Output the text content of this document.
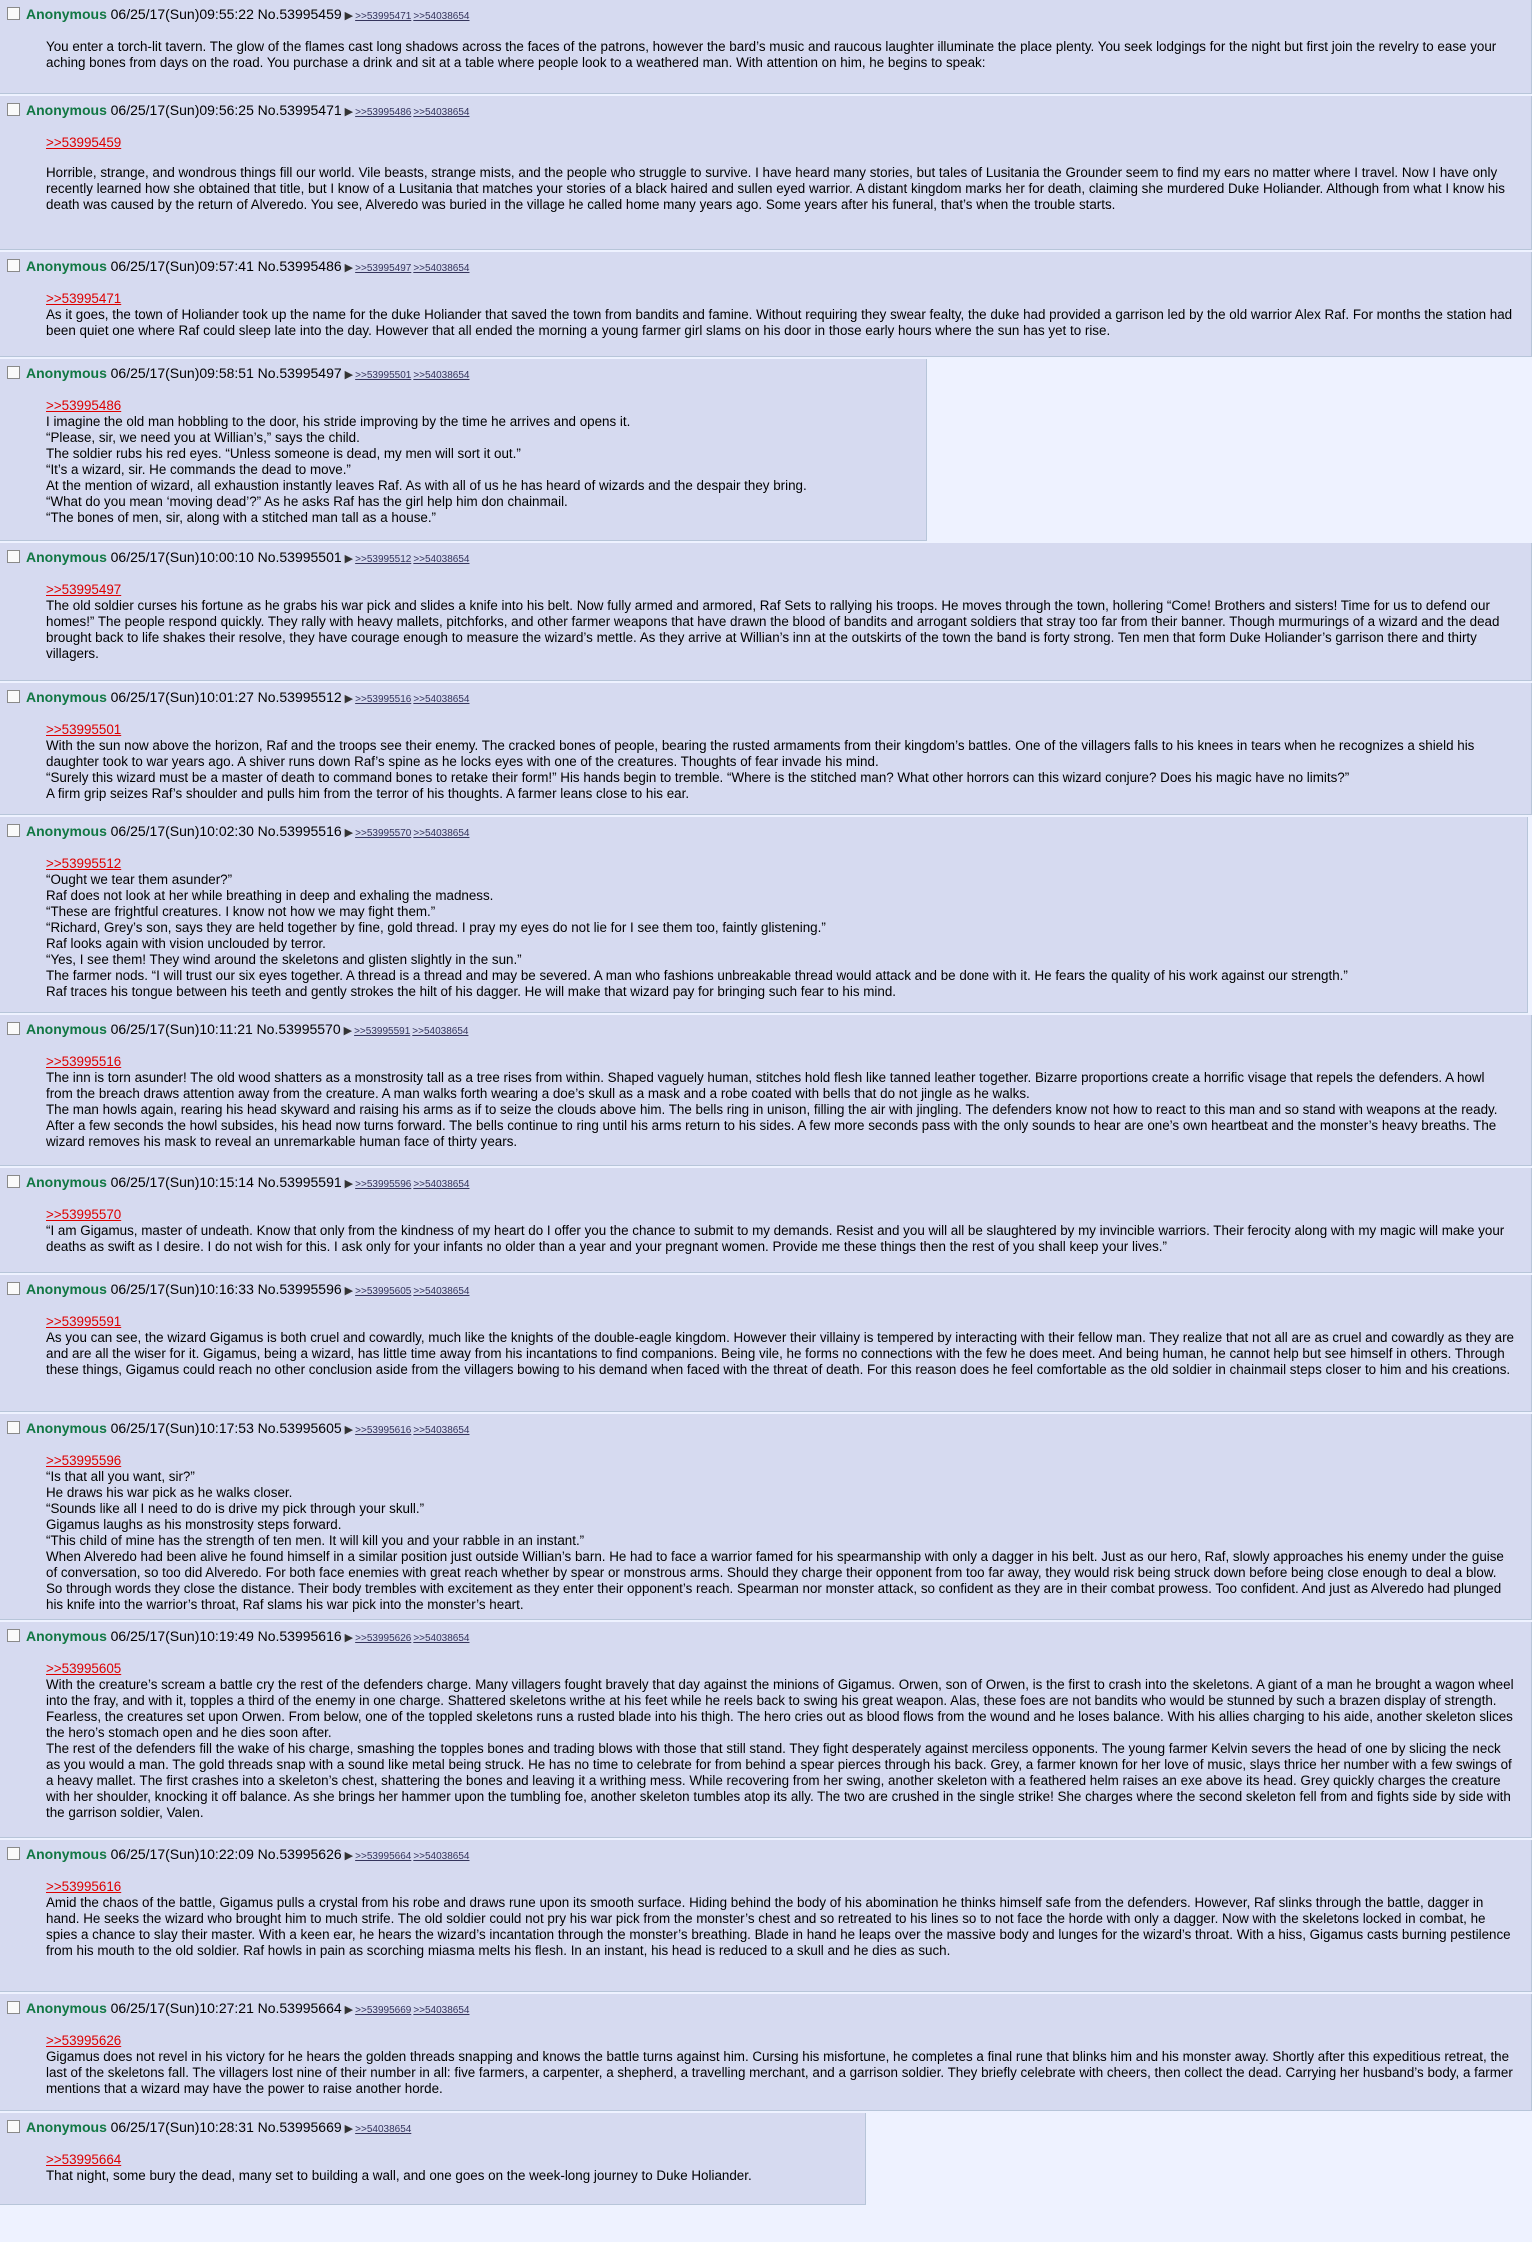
Anonymous 06/25/17(Sun)09:55:22 No.53995459 ▶ >>53995471 >>54038654
You enter a torch-lit tavern. The glow of the flames cast long shadows across the faces of the patrons, however the bard’s music and raucous laughter illuminate the place plenty. You seek lodgings for the night but first join the revelry to ease your aching bones from days on the road. You purchase a drink and sit at a table where people look to a weathered man. With attention on him, he begins to speak:
Anonymous 06/25/17(Sun)09:56:25 No.53995471 ▶ >>53995486 >>54038654
>>53995459
Horrible, strange, and wondrous things fill our world. Vile beasts, strange mists, and the people who struggle to survive. I have heard many stories, but tales of Lusitania the Grounder seem to find my ears no matter where I travel. Now I have only recently learned how she obtained that title, but I know of a Lusitania that matches your stories of a black haired and sullen eyed warrior. A distant kingdom marks her for death, claiming she murdered Duke Holiander. Although from what I know his death was caused by the return of Alveredo. You see, Alveredo was buried in the village he called home many years ago. Some years after his funeral, that’s when the trouble starts.
Anonymous 06/25/17(Sun)09:57:41 No.53995486 ▶ >>53995497 >>54038654
>>53995471
As it goes, the town of Holiander took up the name for the duke Holiander that saved the town from bandits and famine. Without requiring they swear fealty, the duke had provided a garrison led by the old warrior Alex Raf. For months the station had been quiet one where Raf could sleep late into the day. However that all ended the morning a young farmer girl slams on his door in those early hours where the sun has yet to rise.
Anonymous 06/25/17(Sun)09:58:51 No.53995497 ▶ >>53995501 >>54038654
>>53995486
I imagine the old man hobbling to the door, his stride improving by the time he arrives and opens it.
“Please, sir, we need you at Willian’s,” says the child.
The soldier rubs his red eyes. “Unless someone is dead, my men will sort it out.”
“It’s a wizard, sir. He commands the dead to move.”
At the mention of wizard, all exhaustion instantly leaves Raf. As with all of us he has heard of wizards and the despair they bring.
“What do you mean ‘moving dead’?” As he asks Raf has the girl help him don chainmail.
“The bones of men, sir, along with a stitched man tall as a house.”
Anonymous 06/25/17(Sun)10:00:10 No.53995501 ▶ >>53995512 >>54038654
>>53995497
The old soldier curses his fortune as he grabs his war pick and slides a knife into his belt. Now fully armed and armored, Raf Sets to rallying his troops. He moves through the town, hollering “Come! Brothers and sisters! Time for us to defend our homes!” The people respond quickly. They rally with heavy mallets, pitchforks, and other farmer weapons that have drawn the blood of bandits and arrogant soldiers that stray too far from their banner. Though murmurings of a wizard and the dead brought back to life shakes their resolve, they have courage enough to measure the wizard’s mettle. As they arrive at Willian’s inn at the outskirts of the town the band is forty strong. Ten men that form Duke Holiander’s garrison there and thirty villagers.
Anonymous 06/25/17(Sun)10:01:27 No.53995512 ▶ >>53995516 >>54038654
>>53995501
With the sun now above the horizon, Raf and the troops see their enemy. The cracked bones of people, bearing the rusted armaments from their kingdom’s battles. One of the villagers falls to his knees in tears when he recognizes a shield his daughter took to war years ago. A shiver runs down Raf’s spine as he locks eyes with one of the creatures. Thoughts of fear invade his mind.
“Surely this wizard must be a master of death to command bones to retake their form!” His hands begin to tremble. “Where is the stitched man? What other horrors can this wizard conjure? Does his magic have no limits?”
A firm grip seizes Raf’s shoulder and pulls him from the terror of his thoughts. A farmer leans close to his ear.
Anonymous 06/25/17(Sun)10:02:30 No.53995516 ▶ >>53995570 >>54038654
>>53995512
“Ought we tear them asunder?”
Raf does not look at her while breathing in deep and exhaling the madness.
“These are frightful creatures. I know not how we may fight them.”
“Richard, Grey’s son, says they are held together by fine, gold thread. I pray my eyes do not lie for I see them too, faintly glistening.”
Raf looks again with vision unclouded by terror.
“Yes, I see them! They wind around the skeletons and glisten slightly in the sun.”
The farmer nods. “I will trust our six eyes together. A thread is a thread and may be severed. A man who fashions unbreakable thread would attack and be done with it. He fears the quality of his work against our strength.”
Raf traces his tongue between his teeth and gently strokes the hilt of his dagger. He will make that wizard pay for bringing such fear to his mind.
Anonymous 06/25/17(Sun)10:11:21 No.53995570 ▶ >>53995591 >>54038654
>>53995516
The inn is torn asunder! The old wood shatters as a monstrosity tall as a tree rises from within. Shaped vaguely human, stitches hold flesh like tanned leather together. Bizarre proportions create a horrific visage that repels the defenders. A howl from the breach draws attention away from the creature. A man walks forth wearing a doe’s skull as a mask and a robe coated with bells that do not jingle as he walks.
The man howls again, rearing his head skyward and raising his arms as if to seize the clouds above him. The bells ring in unison, filling the air with jingling. The defenders know not how to react to this man and so stand with weapons at the ready. After a few seconds the howl subsides, his head now turns forward. The bells continue to ring until his arms return to his sides. A few more seconds pass with the only sounds to hear are one’s own heartbeat and the monster’s heavy breaths. The wizard removes his mask to reveal an unremarkable human face of thirty years.
Anonymous 06/25/17(Sun)10:15:14 No.53995591 ▶ >>53995596 >>54038654
>>53995570
“I am Gigamus, master of undeath. Know that only from the kindness of my heart do I offer you the chance to submit to my demands. Resist and you will all be slaughtered by my invincible warriors. Their ferocity along with my magic will make your deaths as swift as I desire. I do not wish for this. I ask only for your infants no older than a year and your pregnant women. Provide me these things then the rest of you shall keep your lives.”
Anonymous 06/25/17(Sun)10:16:33 No.53995596 ▶ >>53995605 >>54038654
>>53995591
As you can see, the wizard Gigamus is both cruel and cowardly, much like the knights of the double-eagle kingdom. However their villainy is tempered by interacting with their fellow man. They realize that not all are as cruel and cowardly as they are and are all the wiser for it. Gigamus, being a wizard, has little time away from his incantations to find companions. Being vile, he forms no connections with the few he does meet. And being human, he cannot help but see himself in others. Through these things, Gigamus could reach no other conclusion aside from the villagers bowing to his demand when faced with the threat of death. For this reason does he feel comfortable as the old soldier in chainmail steps closer to him and his creations.
Anonymous 06/25/17(Sun)10:17:53 No.53995605 ▶ >>53995616 >>54038654
>>53995596
“Is that all you want, sir?”
He draws his war pick as he walks closer.
“Sounds like all I need to do is drive my pick through your skull.”
Gigamus laughs as his monstrosity steps forward.
“This child of mine has the strength of ten men. It will kill you and your rabble in an instant.”
When Alveredo had been alive he found himself in a similar position just outside Willian’s barn. He had to face a warrior famed for his spearmanship with only a dagger in his belt. Just as our hero, Raf, slowly approaches his enemy under the guise of conversation, so too did Alveredo. For both face enemies with great reach whether by spear or monstrous arms. Should they charge their opponent from too far away, they would risk being struck down before being close enough to deal a blow. So through words they close the distance. Their body trembles with excitement as they enter their opponent’s reach. Spearman nor monster attack, so confident as they are in their combat prowess. Too confident. And just as Alveredo had plunged his knife into the warrior’s throat, Raf slams his war pick into the monster’s heart.
Anonymous 06/25/17(Sun)10:19:49 No.53995616 ▶ >>53995626 >>54038654
>>53995605
With the creature’s scream a battle cry the rest of the defenders charge. Many villagers fought bravely that day against the minions of Gigamus. Orwen, son of Orwen, is the first to crash into the skeletons. A giant of a man he brought a wagon wheel into the fray, and with it, topples a third of the enemy in one charge. Shattered skeletons writhe at his feet while he reels back to swing his great weapon. Alas, these foes are not bandits who would be stunned by such a brazen display of strength. Fearless, the creatures set upon Orwen. From below, one of the toppled skeletons runs a rusted blade into his thigh. The hero cries out as blood flows from the wound and he loses balance. With his allies charging to his aide, another skeleton slices the hero’s stomach open and he dies soon after.
The rest of the defenders fill the wake of his charge, smashing the topples bones and trading blows with those that still stand. They fight desperately against merciless opponents. The young farmer Kelvin severs the head of one by slicing the neck as you would a man. The gold threads snap with a sound like metal being struck. He has no time to celebrate for from behind a spear pierces through his back. Grey, a farmer known for her love of music, slays thrice her number with a few swings of a heavy mallet. The first crashes into a skeleton’s chest, shattering the bones and leaving it a writhing mess. While recovering from her swing, another skeleton with a feathered helm raises an exe above its head. Grey quickly charges the creature with her shoulder, knocking it off balance. As she brings her hammer upon the tumbling foe, another skeleton tumbles atop its ally. The two are crushed in the single strike! She charges where the second skeleton fell from and fights side by side with the garrison soldier, Valen.
Anonymous 06/25/17(Sun)10:22:09 No.53995626 ▶ >>53995664 >>54038654
>>53995616
Amid the chaos of the battle, Gigamus pulls a crystal from his robe and draws rune upon its smooth surface. Hiding behind the body of his abomination he thinks himself safe from the defenders. However, Raf slinks through the battle, dagger in hand. He seeks the wizard who brought him to much strife. The old soldier could not pry his war pick from the monster’s chest and so retreated to his lines so to not face the horde with only a dagger. Now with the skeletons locked in combat, he spies a chance to slay their master. With a keen ear, he hears the wizard’s incantation through the monster’s breathing. Blade in hand he leaps over the massive body and lunges for the wizard’s throat. With a hiss, Gigamus casts burning pestilence from his mouth to the old soldier. Raf howls in pain as scorching miasma melts his flesh. In an instant, his head is reduced to a skull and he dies as such.
Anonymous 06/25/17(Sun)10:27:21 No.53995664 ▶ >>53995669 >>54038654
>>53995626
Gigamus does not revel in his victory for he hears the golden threads snapping and knows the battle turns against him. Cursing his misfortune, he completes a final rune that blinks him and his monster away. Shortly after this expeditious retreat, the last of the skeletons fall. The villagers lost nine of their number in all: five farmers, a carpenter, a shepherd, a travelling merchant, and a garrison soldier. They briefly celebrate with cheers, then collect the dead. Carrying her husband’s body, a farmer mentions that a wizard may have the power to raise another horde.
Anonymous 06/25/17(Sun)10:28:31 No.53995669 ▶ >>54038654
>>53995664
That night, some bury the dead, many set to building a wall, and one goes on the week-long journey to Duke Holiander.
